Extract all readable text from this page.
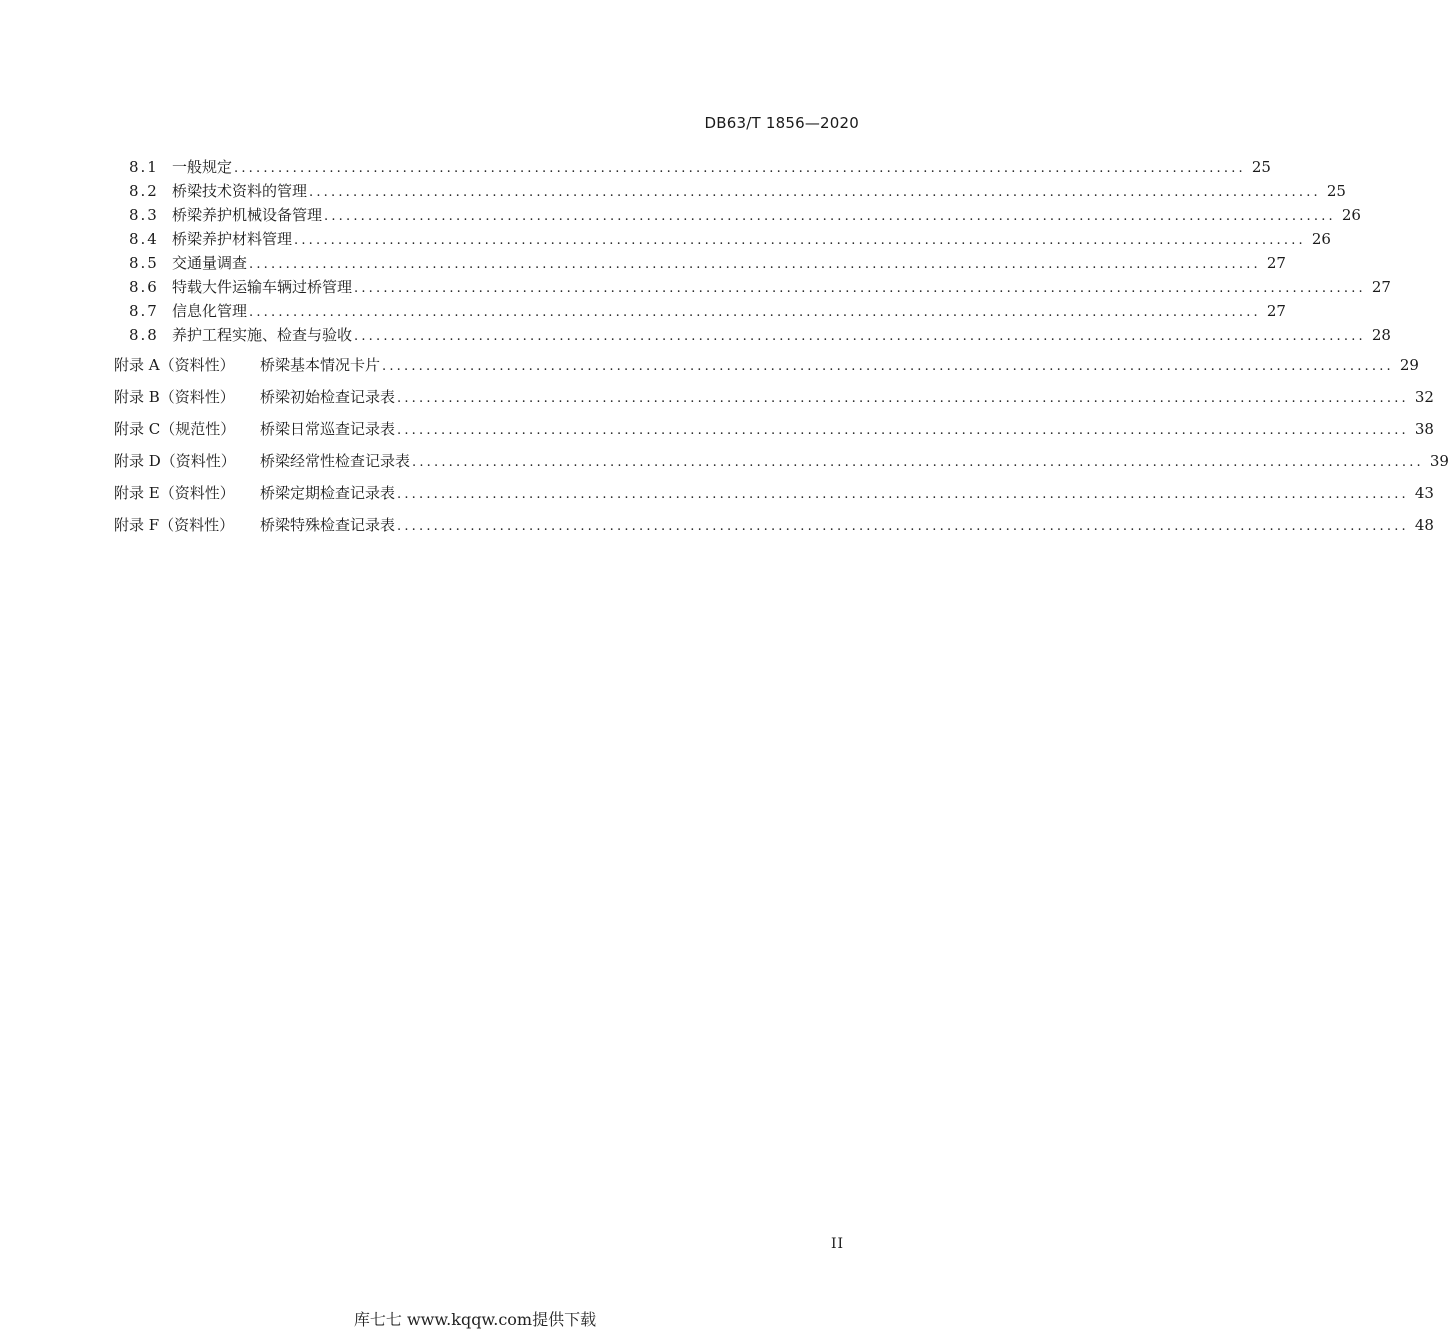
DB63/T 1856—2020
8.1 一般规定 .......................................................................................................................................... 25
8.2 桥梁技术资料的管理 .......................................................................................................................................... 25
8.3 桥梁养护机械设备管理 .......................................................................................................................................... 26
8.4 桥梁养护材料管理 .......................................................................................................................................... 26
8.5 交通量调查 .......................................................................................................................................... 27
8.6 特载大件运输车辆过桥管理 .......................................................................................................................................... 27
8.7 信息化管理 .......................................................................................................................................... 27
8.8 养护工程实施、检查与验收 .......................................................................................................................................... 28
附录 A（资料性）	桥梁基本情况卡片 .......................................................................................................................................... 29
附录 B（资料性）	桥梁初始检查记录表 .......................................................................................................................................... 32
附录 C（规范性）	桥梁日常巡查记录表 .......................................................................................................................................... 38
附录 D（资料性）	桥梁经常性检查记录表 .......................................................................................................................................... 39
附录 E（资料性）	桥梁定期检查记录表 .......................................................................................................................................... 43
附录 F（资料性）	桥梁特殊检查记录表 .......................................................................................................................................... 48
II
库七七 www.kqqw.com提供下载
